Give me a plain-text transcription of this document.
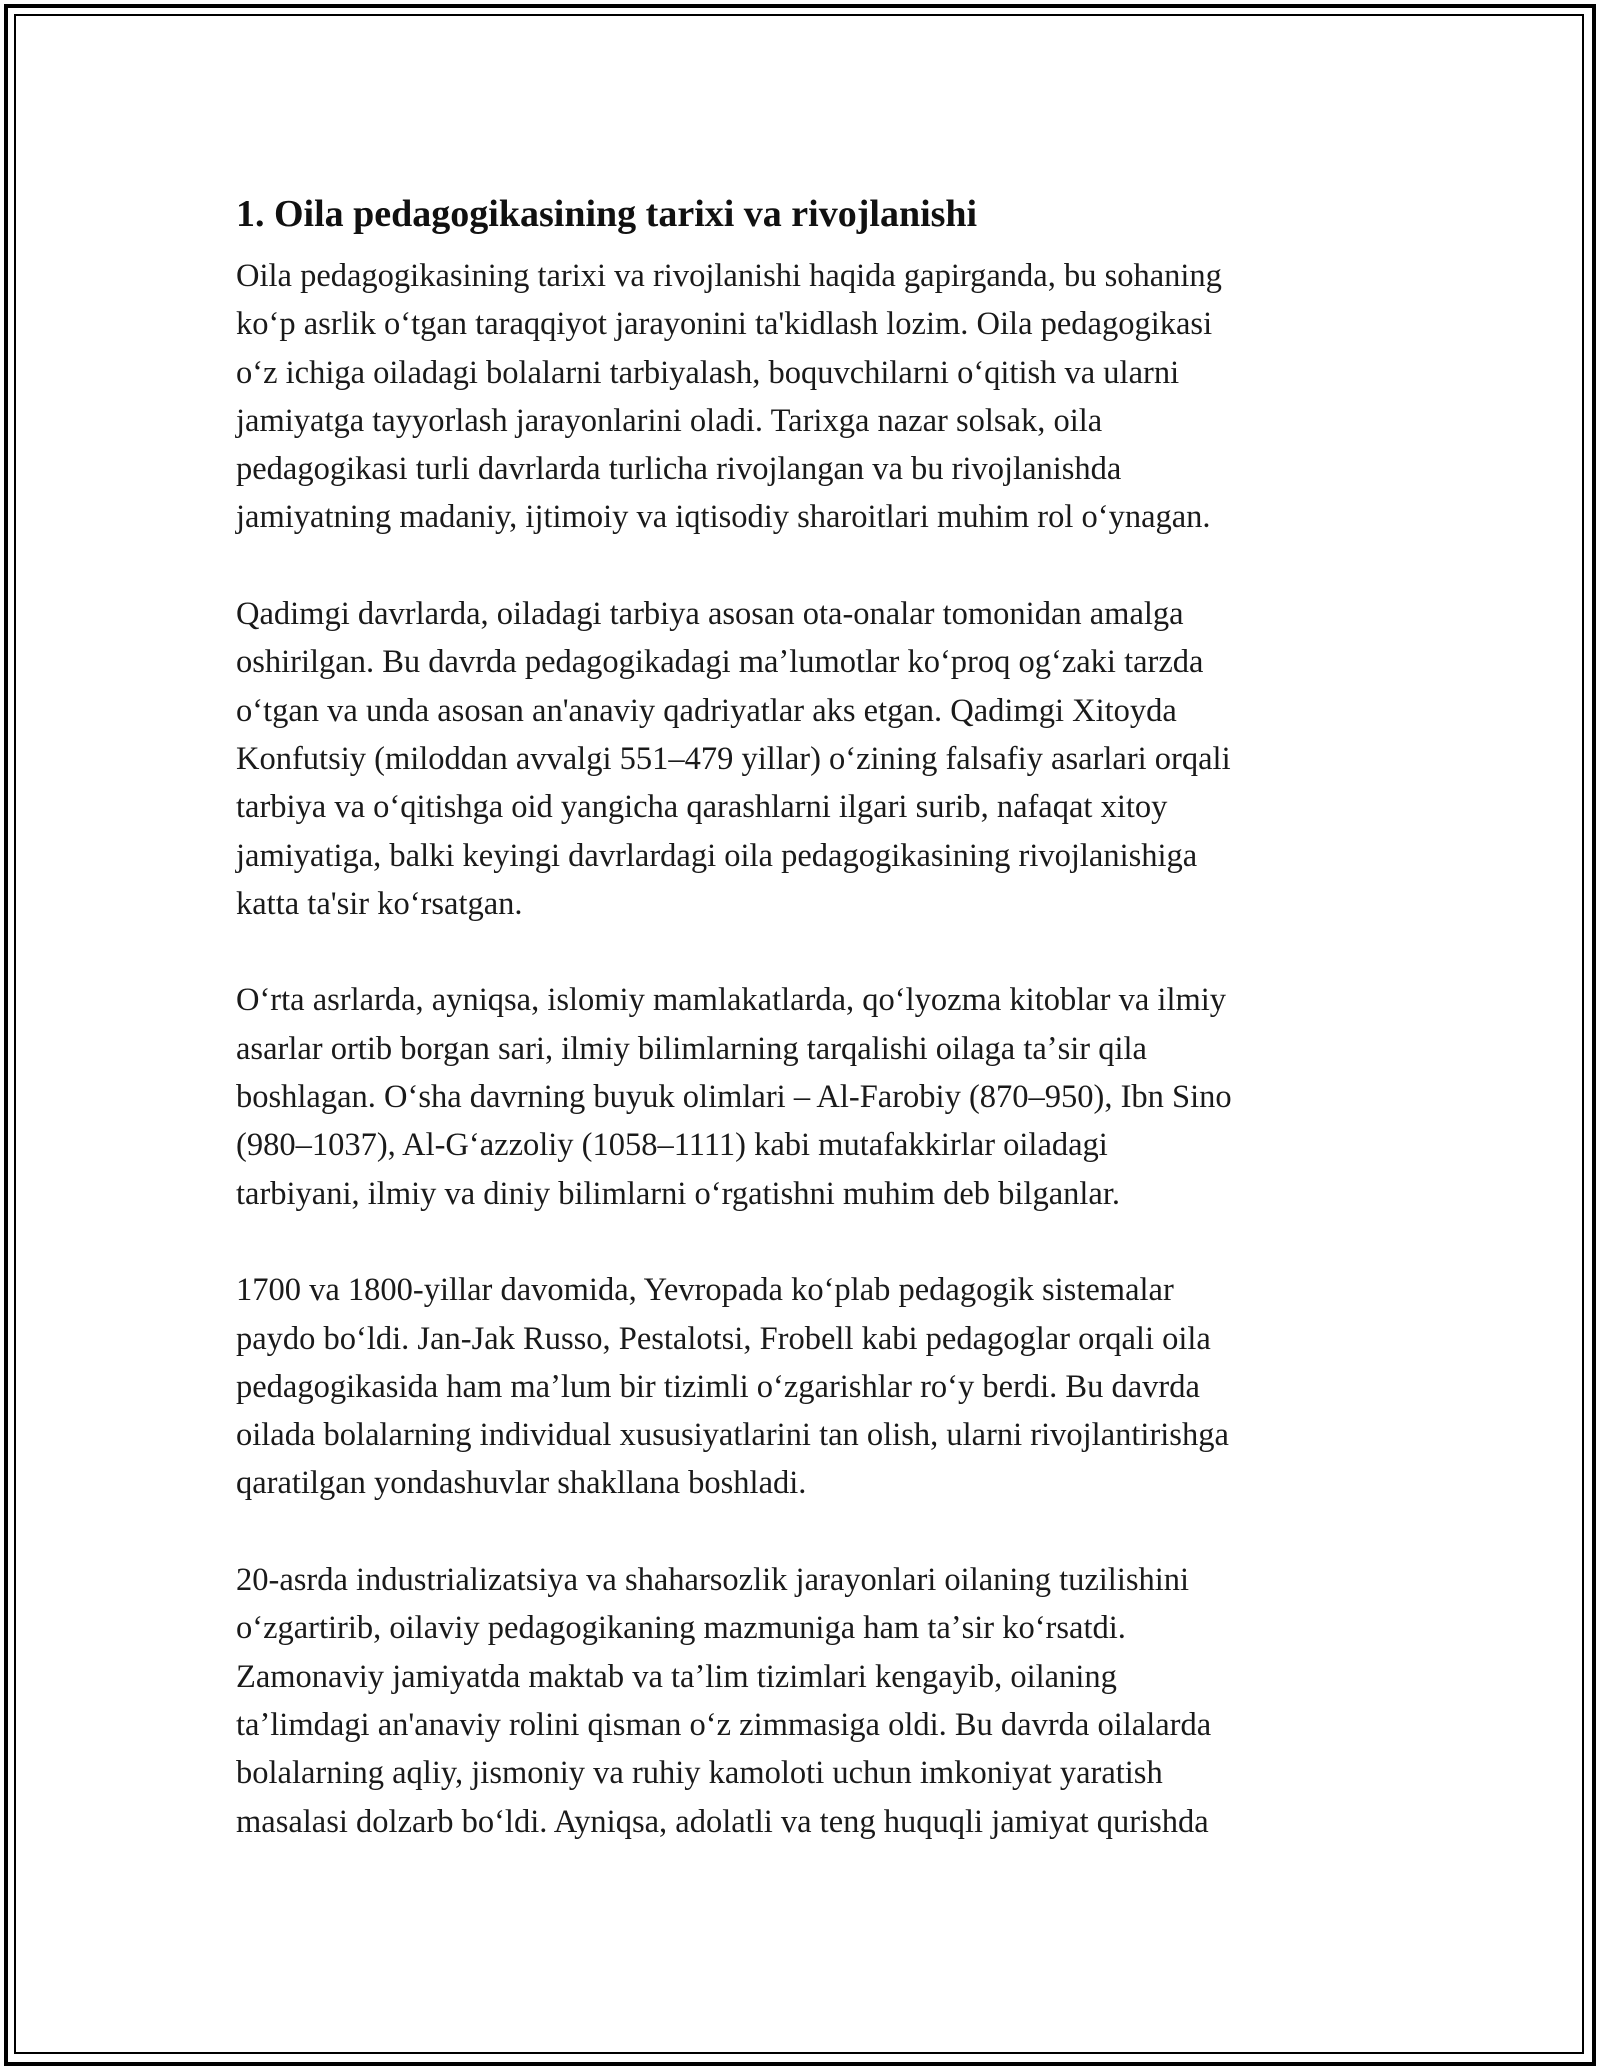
1. Oila pedagogikasining tarixi va rivojlanishi

Oila pedagogikasining tarixi va rivojlanishi haqida gapirganda, bu sohaning
koʻp asrlik oʻtgan taraqqiyot jarayonini ta'kidlash lozim. Oila pedagogikasi
oʻz ichiga oiladagi bolalarni tarbiyalash, boquvchilarni oʻqitish va ularni
jamiyatga tayyorlash jarayonlarini oladi. Tarixga nazar solsak, oila
pedagogikasi turli davrlarda turlicha rivojlangan va bu rivojlanishda
jamiyatning madaniy, ijtimoiy va iqtisodiy sharoitlari muhim rol oʻynagan.

Qadimgi davrlarda, oiladagi tarbiya asosan ota-onalar tomonidan amalga
oshirilgan. Bu davrda pedagogikadagi maʼlumotlar koʻproq ogʻzaki tarzda
oʻtgan va unda asosan an'anaviy qadriyatlar aks etgan. Qadimgi Xitoyda
Konfutsiy (miloddan avvalgi 551–479 yillar) oʻzining falsafiy asarlari orqali
tarbiya va oʻqitishga oid yangicha qarashlarni ilgari surib, nafaqat xitoy
jamiyatiga, balki keyingi davrlardagi oila pedagogikasining rivojlanishiga
katta ta'sir koʻrsatgan.

Oʻrta asrlarda, ayniqsa, islomiy mamlakatlarda, qoʻlyozma kitoblar va ilmiy
asarlar ortib borgan sari, ilmiy bilimlarning tarqalishi oilaga taʼsir qila
boshlagan. Oʻsha davrning buyuk olimlari – Al-Farobiy (870–950), Ibn Sino
(980–1037), Al-Gʻazzoliy (1058–1111) kabi mutafakkirlar oiladagi
tarbiyani, ilmiy va diniy bilimlarni oʻrgatishni muhim deb bilganlar.

1700 va 1800-yillar davomida, Yevropada koʻplab pedagogik sistemalar
paydo boʻldi. Jan-Jak Russo, Pestalotsi, Frobell kabi pedagoglar orqali oila
pedagogikasida ham maʼlum bir tizimli oʻzgarishlar roʻy berdi. Bu davrda
oilada bolalarning individual xususiyatlarini tan olish, ularni rivojlantirishga
qaratilgan yondashuvlar shakllana boshladi.

20-asrda industrializatsiya va shaharsozlik jarayonlari oilaning tuzilishini
oʻzgartirib, oilaviy pedagogikaning mazmuniga ham taʼsir koʻrsatdi.
Zamonaviy jamiyatda maktab va taʼlim tizimlari kengayib, oilaning
taʼlimdagi an'anaviy rolini qisman oʻz zimmasiga oldi. Bu davrda oilalarda
bolalarning aqliy, jismoniy va ruhiy kamoloti uchun imkoniyat yaratish
masalasi dolzarb boʻldi. Ayniqsa, adolatli va teng huquqli jamiyat qurishda
